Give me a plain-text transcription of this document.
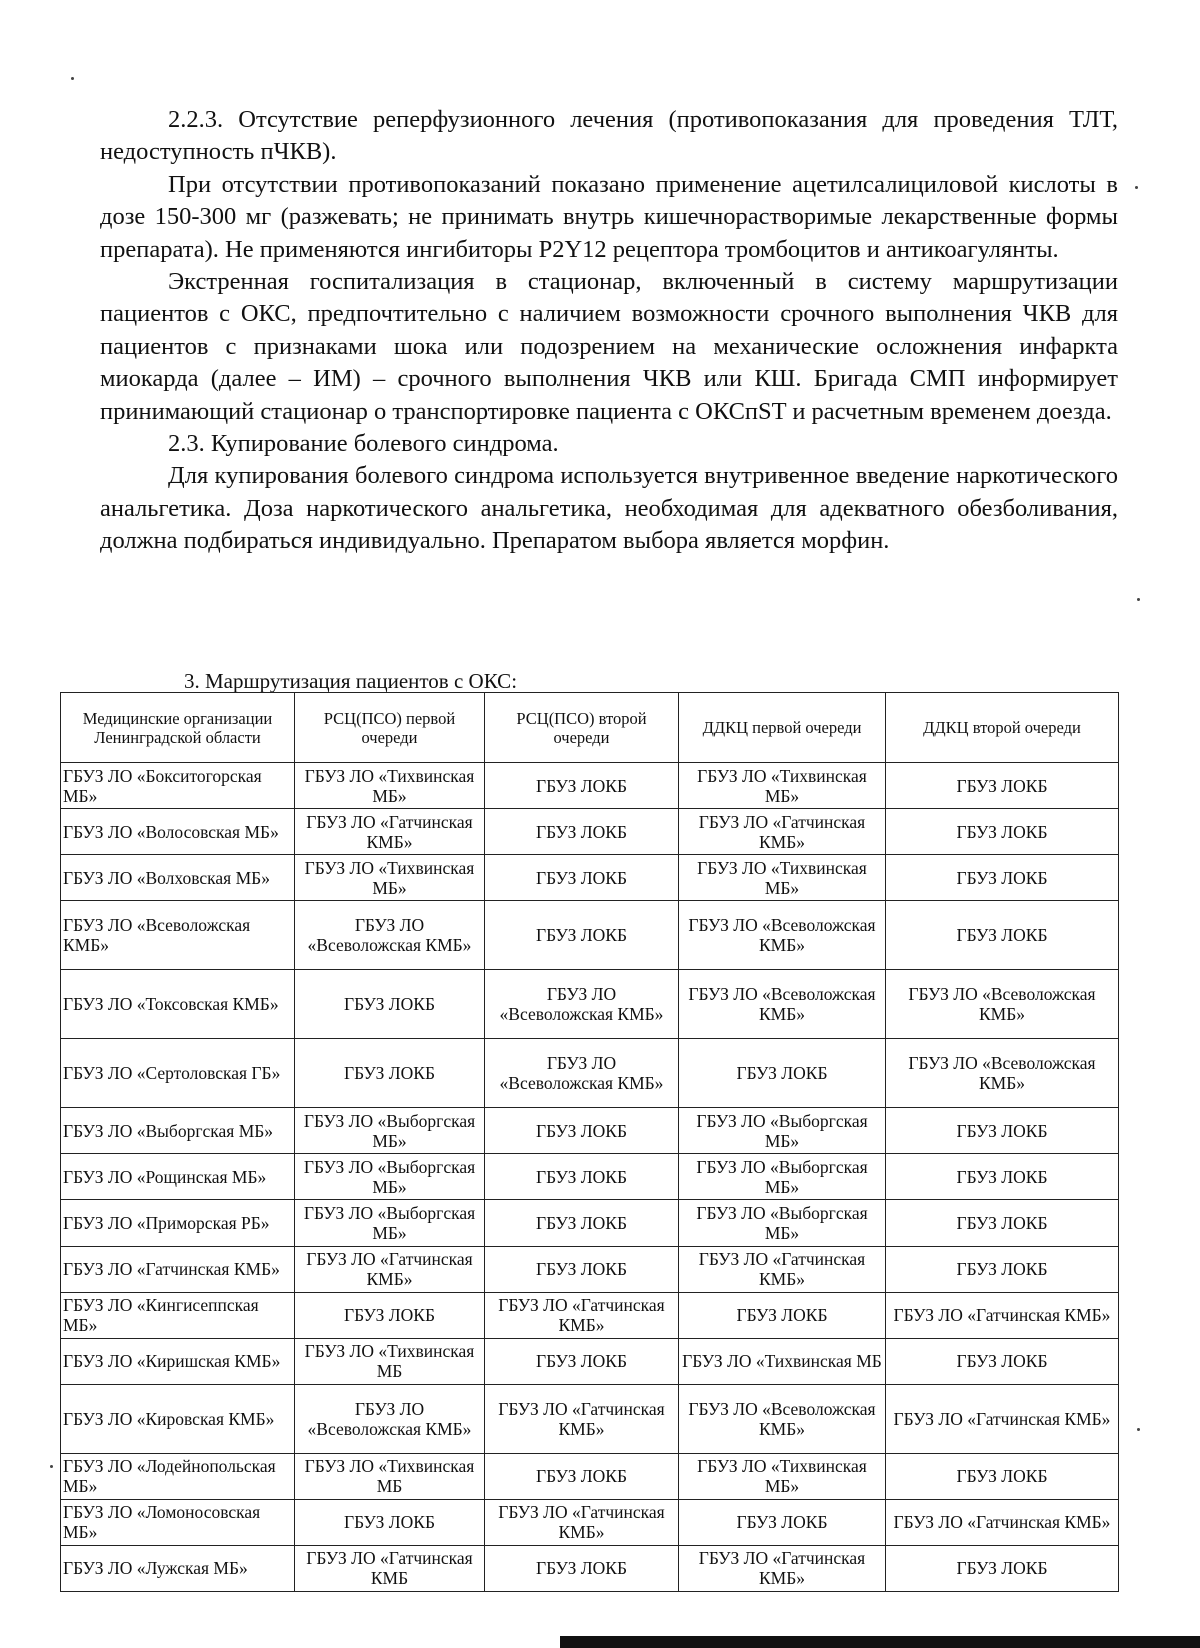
2.2.3. Отсутствие реперфузионного лечения (противопоказания для проведения ТЛТ, недоступность пЧКВ).

При отсутствии противопоказаний показано применение ацетилсалициловой кислоты в дозе 150-300 мг (разжевать; не принимать внутрь кишечнорастворимые лекарственные формы препарата). Не применяются ингибиторы P2Y12 рецептора тромбоцитов и антикоагулянты.

Экстренная госпитализация в стационар, включенный в систему маршрутизации пациентов с ОКС, предпочтительно с наличием возможности срочного выполнения ЧКВ для пациентов с признаками шока или подозрением на механические осложнения инфаркта миокарда (далее – ИМ) – срочного выполнения ЧКВ или КШ. Бригада СМП информирует принимающий стационар о транспортировке пациента с ОКСпST и расчетным временем доезда.

2.3. Купирование болевого синдрома.

Для купирования болевого синдрома используется внутривенное введение наркотического анальгетика. Доза наркотического анальгетика, необходимая для адекватного обезболивания, должна подбираться индивидуально. Препаратом выбора является морфин.

3. Маршрутизация пациентов с ОКС:
Медицинские организации Ленинградской области	РСЦ(ПСО) первой очереди	РСЦ(ПСО) второй очереди	ДДКЦ первой очереди	ДДКЦ второй очереди
ГБУЗ ЛО «Бокситогорская МБ»	ГБУЗ ЛО «Тихвинская МБ»	ГБУЗ ЛОКБ	ГБУЗ ЛО «Тихвинская МБ»	ГБУЗ ЛОКБ
ГБУЗ ЛО «Волосовская МБ»	ГБУЗ ЛО «Гатчинская КМБ»	ГБУЗ ЛОКБ	ГБУЗ ЛО «Гатчинская КМБ»	ГБУЗ ЛОКБ
ГБУЗ ЛО «Волховская МБ»	ГБУЗ ЛО «Тихвинская МБ»	ГБУЗ ЛОКБ	ГБУЗ ЛО «Тихвинская МБ»	ГБУЗ ЛОКБ
ГБУЗ ЛО «Всеволожская КМБ»	ГБУЗ ЛО «Всеволожская КМБ»	ГБУЗ ЛОКБ	ГБУЗ ЛО «Всеволожская КМБ»	ГБУЗ ЛОКБ
ГБУЗ ЛО «Токсовская КМБ»	ГБУЗ ЛОКБ	ГБУЗ ЛО «Всеволожская КМБ»	ГБУЗ ЛО «Всеволожская КМБ»	ГБУЗ ЛО «Всеволожская КМБ»
ГБУЗ ЛО «Сертоловская ГБ»	ГБУЗ ЛОКБ	ГБУЗ ЛО «Всеволожская КМБ»	ГБУЗ ЛОКБ	ГБУЗ ЛО «Всеволожская КМБ»
ГБУЗ ЛО «Выборгская МБ»	ГБУЗ ЛО «Выборгская МБ»	ГБУЗ ЛОКБ	ГБУЗ ЛО «Выборгская МБ»	ГБУЗ ЛОКБ
ГБУЗ ЛО «Рощинская МБ»	ГБУЗ ЛО «Выборгская МБ»	ГБУЗ ЛОКБ	ГБУЗ ЛО «Выборгская МБ»	ГБУЗ ЛОКБ
ГБУЗ ЛО «Приморская РБ»	ГБУЗ ЛО «Выборгская МБ»	ГБУЗ ЛОКБ	ГБУЗ ЛО «Выборгская МБ»	ГБУЗ ЛОКБ
ГБУЗ ЛО «Гатчинская КМБ»	ГБУЗ ЛО «Гатчинская КМБ»	ГБУЗ ЛОКБ	ГБУЗ ЛО «Гатчинская КМБ»	ГБУЗ ЛОКБ
ГБУЗ ЛО «Кингисеппская МБ»	ГБУЗ ЛОКБ	ГБУЗ ЛО «Гатчинская КМБ»	ГБУЗ ЛОКБ	ГБУЗ ЛО «Гатчинская КМБ»
ГБУЗ ЛО «Киришская КМБ»	ГБУЗ ЛО «Тихвинская МБ	ГБУЗ ЛОКБ	ГБУЗ ЛО «Тихвинская МБ	ГБУЗ ЛОКБ
ГБУЗ ЛО «Кировская КМБ»	ГБУЗ ЛО «Всеволожская КМБ»	ГБУЗ ЛО «Гатчинская КМБ»	ГБУЗ ЛО «Всеволожская КМБ»	ГБУЗ ЛО «Гатчинская КМБ»
ГБУЗ ЛО «Лодейнопольская МБ»	ГБУЗ ЛО «Тихвинская МБ	ГБУЗ ЛОКБ	ГБУЗ ЛО «Тихвинская МБ»	ГБУЗ ЛОКБ
ГБУЗ ЛО «Ломоносовская МБ»	ГБУЗ ЛОКБ	ГБУЗ ЛО «Гатчинская КМБ»	ГБУЗ ЛОКБ	ГБУЗ ЛО «Гатчинская КМБ»
ГБУЗ ЛО «Лужская МБ»	ГБУЗ ЛО «Гатчинская КМБ	ГБУЗ ЛОКБ	ГБУЗ ЛО «Гатчинская КМБ»	ГБУЗ ЛОКБ
